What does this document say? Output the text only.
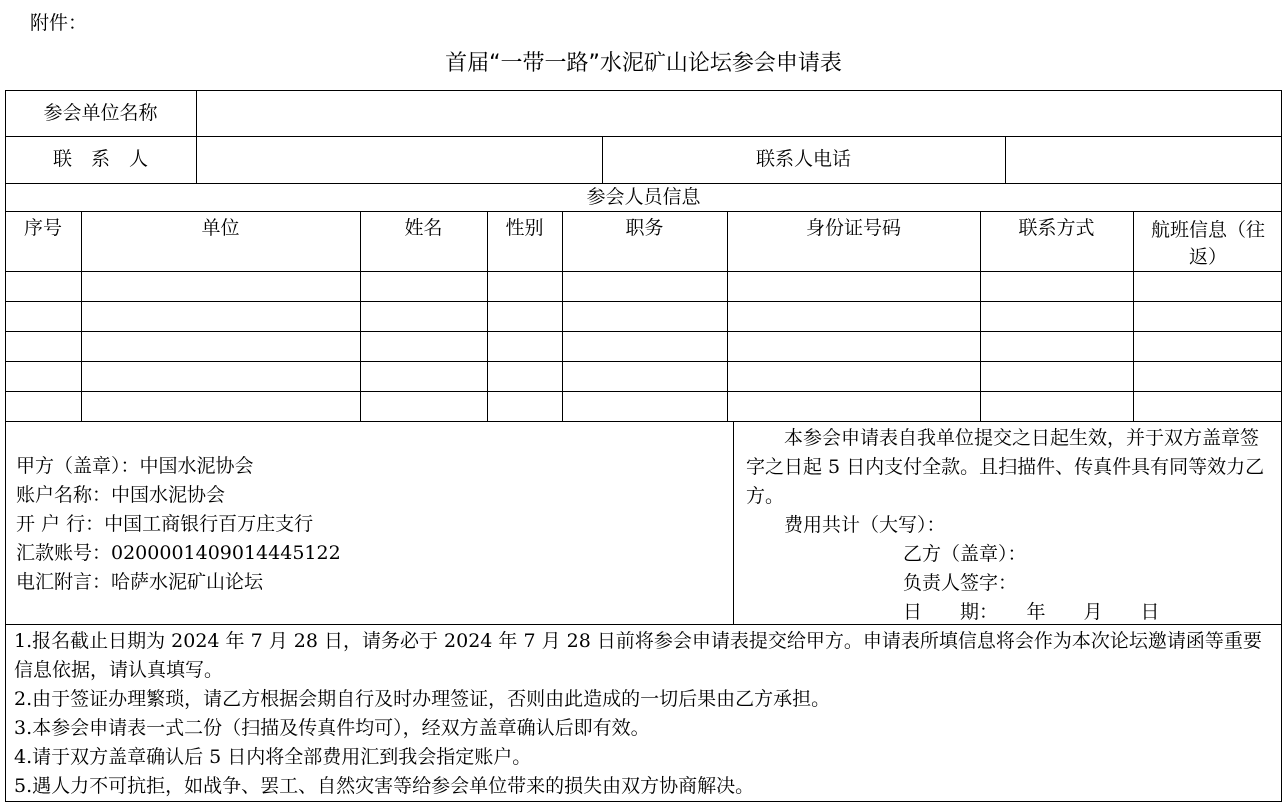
附件：
首届“一带一路”水泥矿山论坛参会申请表
参会单位名称
联　系　人	联系人电话
参会人员信息
序号	单位	姓名	性别	职务	身份证号码	联系方式	航班信息（往返）
甲方（盖章）：中国水泥协会
账户名称：中国水泥协会
开 户 行：中国工商银行百万庄支行
汇款账号：0200001409014445122
电汇附言：哈萨水泥矿山论坛

本参会申请表自我单位提交之日起生效，并于双方盖章签字之日起 5 日内支付全款。且扫描件、传真件具有同等效力乙方。

费用共计（大写）：

乙方（盖章）：

负责人签字：

日　　期：　　年　　月　　日

1.报名截止日期为 2024 年 7 月 28 日，请务必于 2024 年 7 月 28 日前将参会申请表提交给甲方。申请表所填信息将会作为本次论坛邀请函等重要信息依据，请认真填写。

2.由于签证办理繁琐，请乙方根据会期自行及时办理签证，否则由此造成的一切后果由乙方承担。

3.本参会申请表一式二份（扫描及传真件均可），经双方盖章确认后即有效。

4.请于双方盖章确认后 5 日内将全部费用汇到我会指定账户。

5.遇人力不可抗拒，如战争、罢工、自然灾害等给参会单位带来的损失由双方协商解决。
